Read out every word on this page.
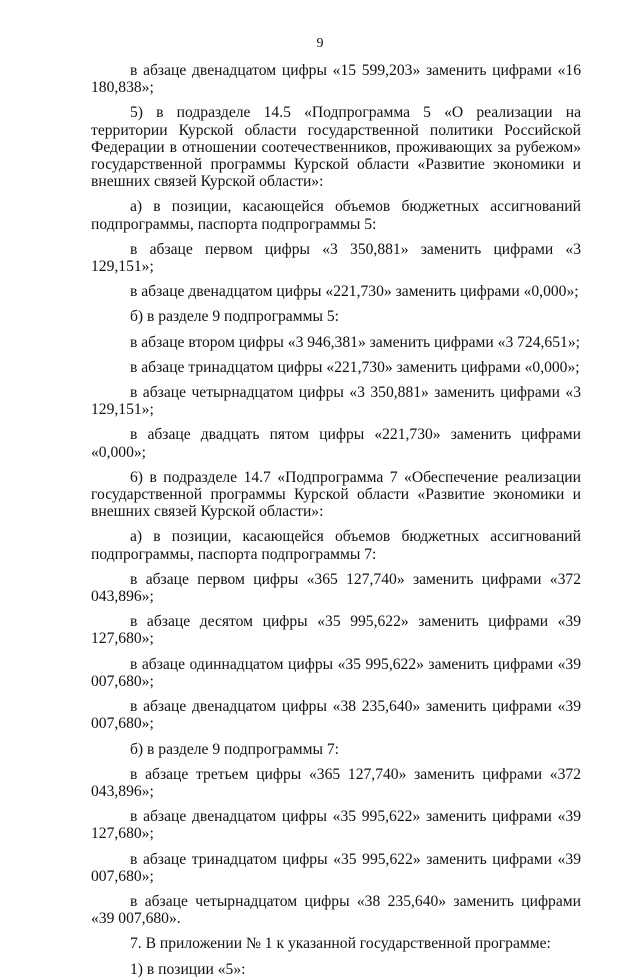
9

в абзаце двенадцатом цифры «15 599,203» заменить цифрами «16 180,838»;

5) в подразделе 14.5 «Подпрограмма 5 «О реализации на территории Курской области государственной политики Российской Федерации в отношении соотечественников, проживающих за рубежом» государственной программы Курской области «Развитие экономики и внешних связей Курской области»:

а) в позиции, касающейся объемов бюджетных ассигнований подпрограммы, паспорта подпрограммы 5:

в абзаце первом цифры «3 350,881» заменить цифрами «3 129,151»;

в абзаце двенадцатом цифры «221,730» заменить цифрами «0,000»;

б) в разделе 9 подпрограммы 5:

в абзаце втором цифры «3 946,381» заменить цифрами «3 724,651»;

в абзаце тринадцатом цифры «221,730» заменить цифрами «0,000»;

в абзаце четырнадцатом цифры «3 350,881» заменить цифрами «3 129,151»;

в абзаце двадцать пятом цифры «221,730» заменить цифрами «0,000»;

6) в подразделе 14.7 «Подпрограмма 7 «Обеспечение реализации государственной программы Курской области «Развитие экономики и внешних связей Курской области»:

а) в позиции, касающейся объемов бюджетных ассигнований подпрограммы, паспорта подпрограммы 7:

в абзаце первом цифры «365 127,740» заменить цифрами «372 043,896»;

в абзаце десятом цифры «35 995,622» заменить цифрами «39 127,680»;

в абзаце одиннадцатом цифры «35 995,622» заменить цифрами «39 007,680»;

в абзаце двенадцатом цифры «38 235,640» заменить цифрами «39 007,680»;

б) в разделе 9 подпрограммы 7:

в абзаце третьем цифры «365 127,740» заменить цифрами «372 043,896»;

в абзаце двенадцатом цифры «35 995,622» заменить цифрами «39 127,680»;

в абзаце тринадцатом цифры «35 995,622» заменить цифрами «39 007,680»;

в абзаце четырнадцатом цифры «38 235,640» заменить цифрами «39 007,680».

7. В приложении № 1 к указанной государственной программе:

1) в позиции «5»:
